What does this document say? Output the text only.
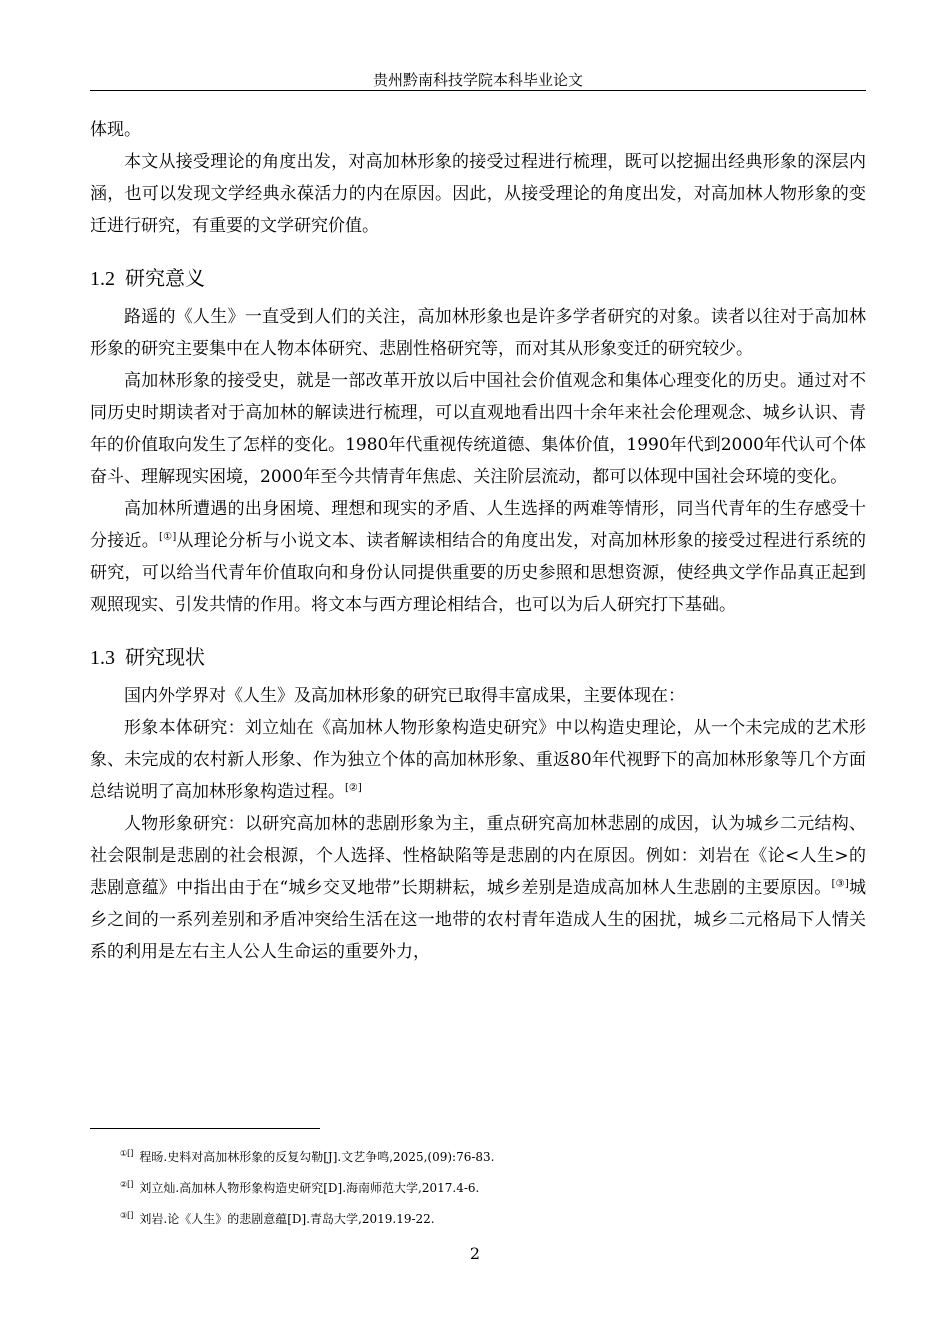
贵州黔南科技学院本科毕业论文

体现。

本文从接受理论的角度出发，对高加林形象的接受过程进行梳理，既可以挖掘出经典形象的深层内涵，也可以发现文学经典永葆活力的内在原因。因此，从接受理论的角度出发，对高加林人物形象的变迁进行研究，有重要的文学研究价值。

1.2 研究意义

路遥的《人生》一直受到人们的关注，高加林形象也是许多学者研究的对象。读者以往对于高加林形象的研究主要集中在人物本体研究、悲剧性格研究等，而对其从形象变迁的研究较少。

高加林形象的接受史，就是一部改革开放以后中国社会价值观念和集体心理变化的历史。通过对不同历史时期读者对于高加林的解读进行梳理，可以直观地看出四十余年来社会伦理观念、城乡认识、青年的价值取向发生了怎样的变化。1980年代重视传统道德、集体价值，1990年代到2000年代认可个体奋斗、理解现实困境，2000年至今共情青年焦虑、关注阶层流动，都可以体现中国社会环境的变化。

高加林所遭遇的出身困境、理想和现实的矛盾、人生选择的两难等情形，同当代青年的生存感受十分接近。[①]从理论分析与小说文本、读者解读相结合的角度出发，对高加林形象的接受过程进行系统的研究，可以给当代青年价值取向和身份认同提供重要的历史参照和思想资源，使经典文学作品真正起到观照现实、引发共情的作用。将文本与西方理论相结合，也可以为后人研究打下基础。

1.3 研究现状

国内外学界对《人生》及高加林形象的研究已取得丰富成果，主要体现在：

形象本体研究：刘立灿在《高加林人物形象构造史研究》中以构造史理论，从一个未完成的艺术形象、未完成的农村新人形象、作为独立个体的高加林形象、重返80年代视野下的高加林形象等几个方面总结说明了高加林形象构造过程。[②]

人物形象研究：以研究高加林的悲剧形象为主，重点研究高加林悲剧的成因，认为城乡二元结构、社会限制是悲剧的社会根源，个人选择、性格缺陷等是悲剧的内在原因。例如：刘岩在《论<人生>的悲剧意蕴》中指出由于在“城乡交叉地带”长期耕耘，城乡差别是造成高加林人生悲剧的主要原因。[③]城乡之间的一系列差别和矛盾冲突给生活在这一地带的农村青年造成人生的困扰，城乡二元格局下人情关系的利用是左右主人公人生命运的重要外力，

①[] 程旸.史料对高加林形象的反复勾勒[J].文艺争鸣,2025,(09):76-83.

②[] 刘立灿.高加林人物形象构造史研究[D].海南师范大学,2017.4-6.

③[] 刘岩.论《人生》的悲剧意蕴[D].青岛大学,2019.19-22.

2
